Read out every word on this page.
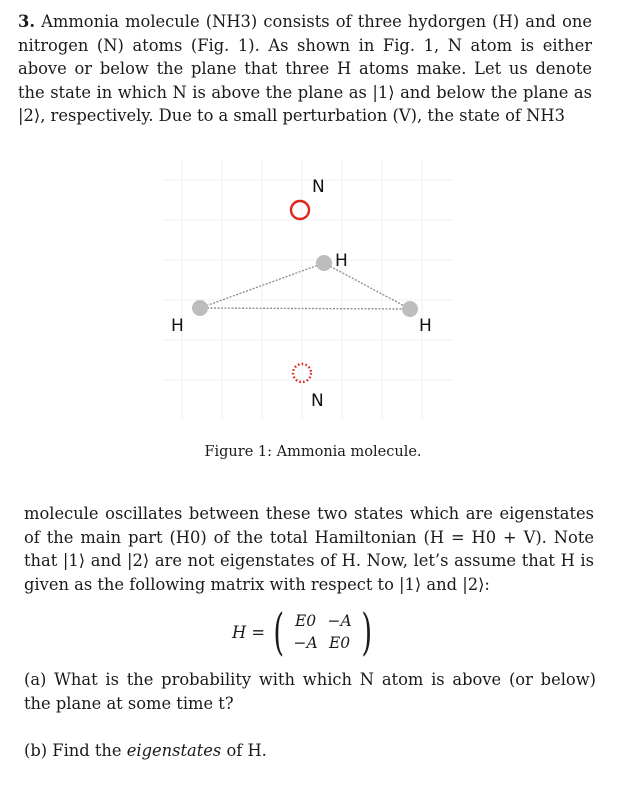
3. Ammonia molecule (NH3) consists of three hydorgen (H) and one nitrogen (N) atoms (Fig. 1). As shown in Fig. 1, N atom is either above or below the plane that three H atoms make. Let us denote the state in which N is above the plane as |1⟩ and below the plane as |2⟩, respectively. Due to a small perturbation (V), the state of NH3
N
H
H	H
N
Figure 1: Ammonia molecule.
molecule oscillates between these two states which are eigenstates of the main part (H0) of the total Hamiltonian (H = H0 + V). Note that |1⟩ and |2⟩ are not eigenstates of H. Now, let’s assume that H is given as the following matrix with respect to |1⟩ and |2⟩:
H = ( E0 −A
−A E0 )
(a) What is the probability with which N atom is above (or below) the plane at some time t?
(b) Find the eigenstates of H.
